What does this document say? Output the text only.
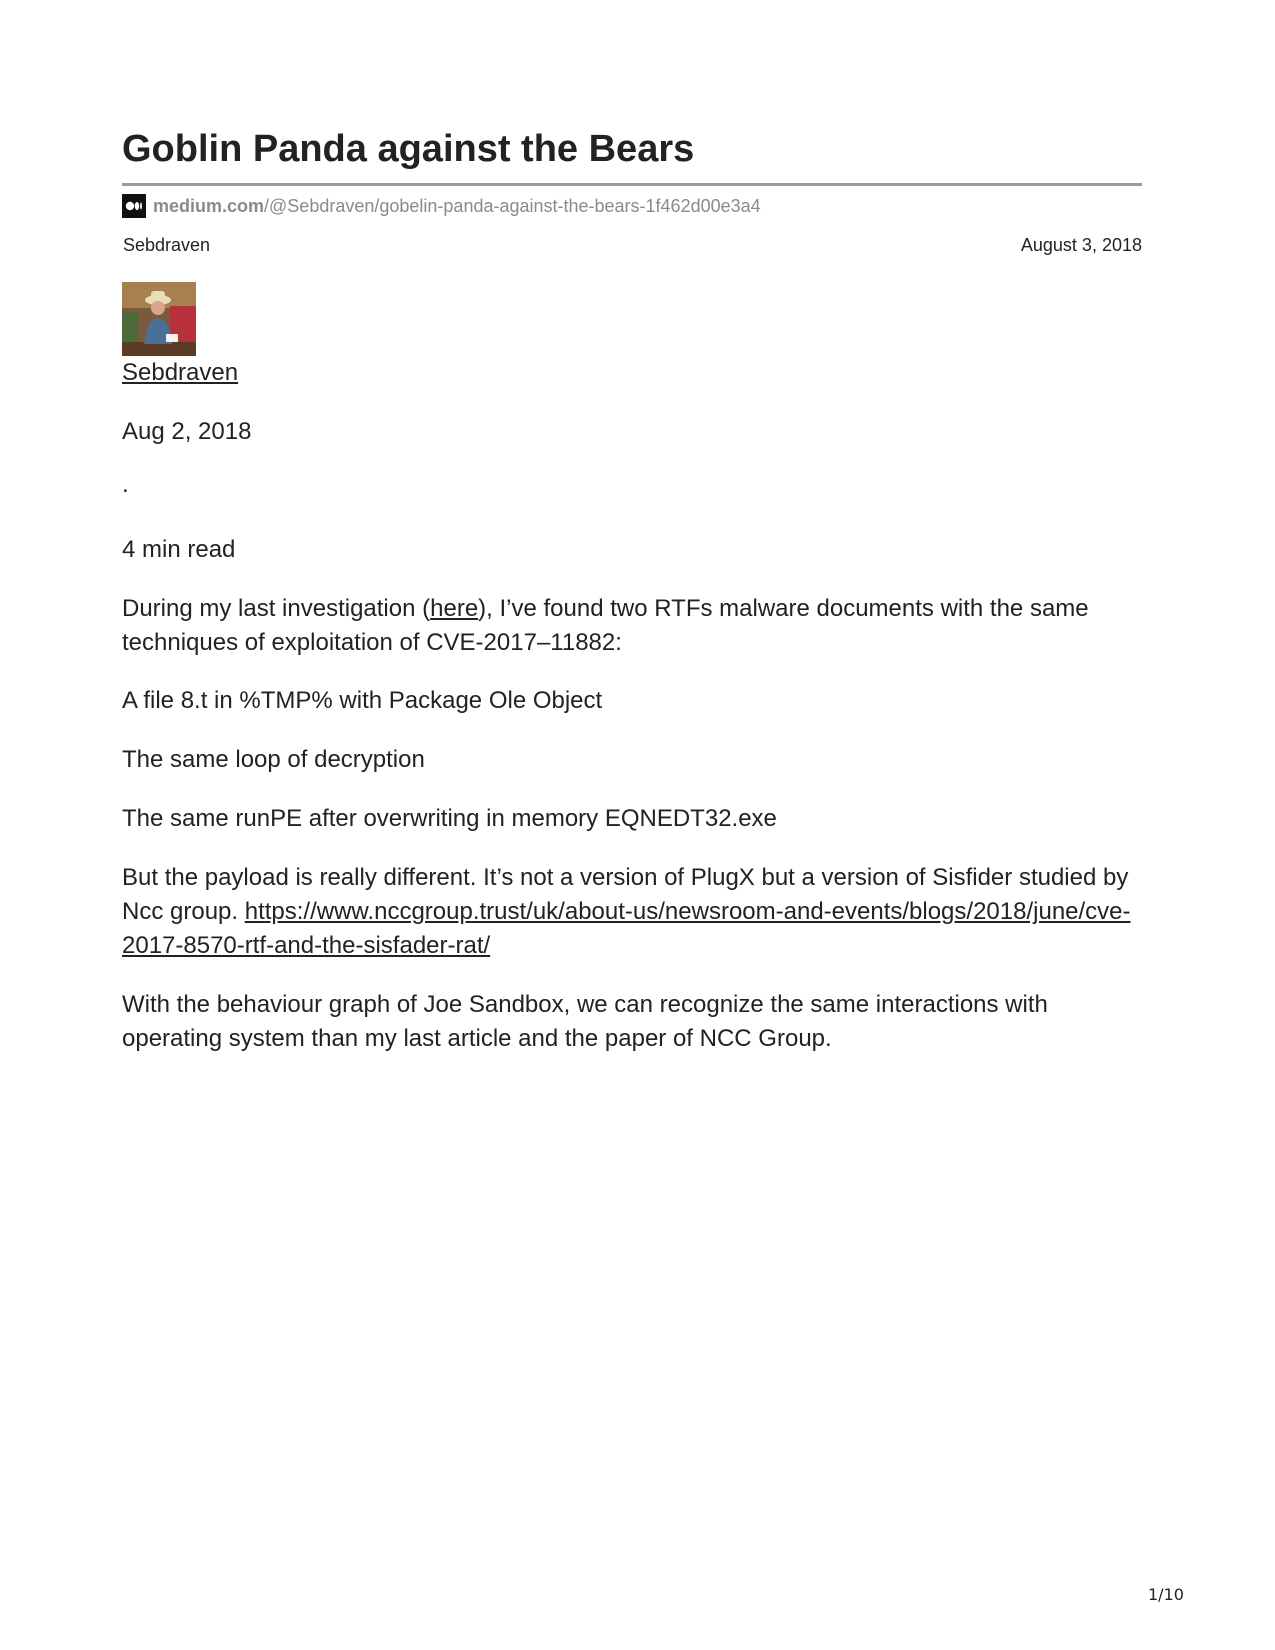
Goblin Panda against the Bears
medium.com /@Sebdraven/gobelin-panda-against-the-bears-1f462d00e3a4
Sebdraven	August 3, 2018
Sebdraven
Aug 2, 2018
.
4 min read

During my last investigation (here), I’ve found two RTFs malware documents with the same techniques of exploitation of CVE-2017–11882:

A file 8.t in %TMP% with Package Ole Object

The same loop of decryption

The same runPE after overwriting in memory EQNEDT32.exe

But the payload is really different. It’s not a version of PlugX but a version of Sisfider studied by Ncc group. https://www.nccgroup.trust/uk/about-us/newsroom-and-events/blogs/2018/june/cve-2017-8570-rtf-and-the-sisfader-rat/

With the behaviour graph of Joe Sandbox, we can recognize the same interactions with operating system than my last article and the paper of NCC Group.

1/10
